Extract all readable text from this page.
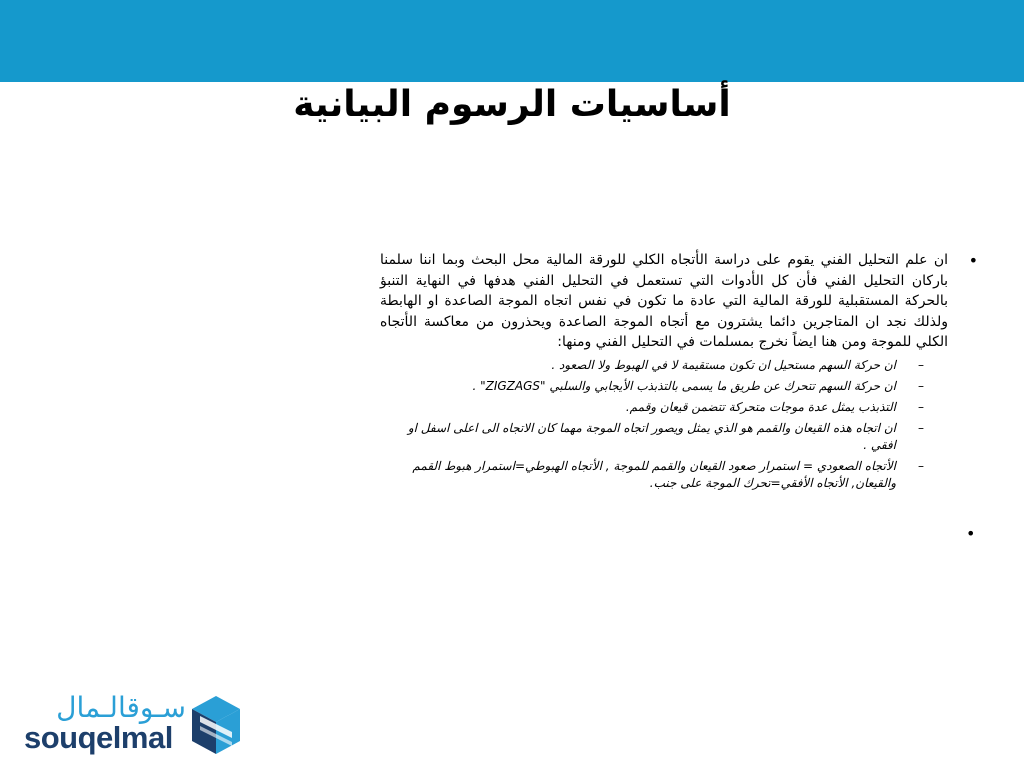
أساسيات الرسوم البيانية
•

ان علم التحليل الفني يقوم على دراسة الأتجاه الكلي للورقة المالية محل البحث وبما اننا سلمنا باركان التحليل الفني فأن كل الأدوات التي تستعمل في التحليل الفني هدفها في النهاية التنبؤ بالحركة المستقبلية للورقة المالية التي عادة ما تكون في نفس اتجاه الموجة الصاعدة او الهابطة ولذلك نجد ان المتاجرين دائما يشترون مع أتجاه الموجة الصاعدة ويحذرون من معاكسة الأتجاه الكلي للموجة ومن هنا ايضاً نخرج بمسلمات في التحليل الفني ومنها:

–
ان حركة السهم مستحيل ان تكون مستقيمة لا في الهبوط ولا الصعود .
–
ان حركة السهم تتحرك عن طريق ما يسمى بالتذبذب الأيجابي والسلبي "ZIGZAGS" .
–
التذبذب يمثل عدة موجات متحركة تتضمن قيعان وقمم.
–
ان اتجاه هذه القيعان والقمم هو الذي يمثل ويصور اتجاه الموجة مهما كان الاتجاه الى اعلى اسفل او افقي .
–
الأتجاه الصعودي = استمرار صعود القيعان والقمم للموجة , الأتجاه الهبوطي=استمرار هبوط القمم والقيعان, الأتجاه الأفقي=تحرك الموجة على جنب.
•
سـوقالـمال
souqelmal
